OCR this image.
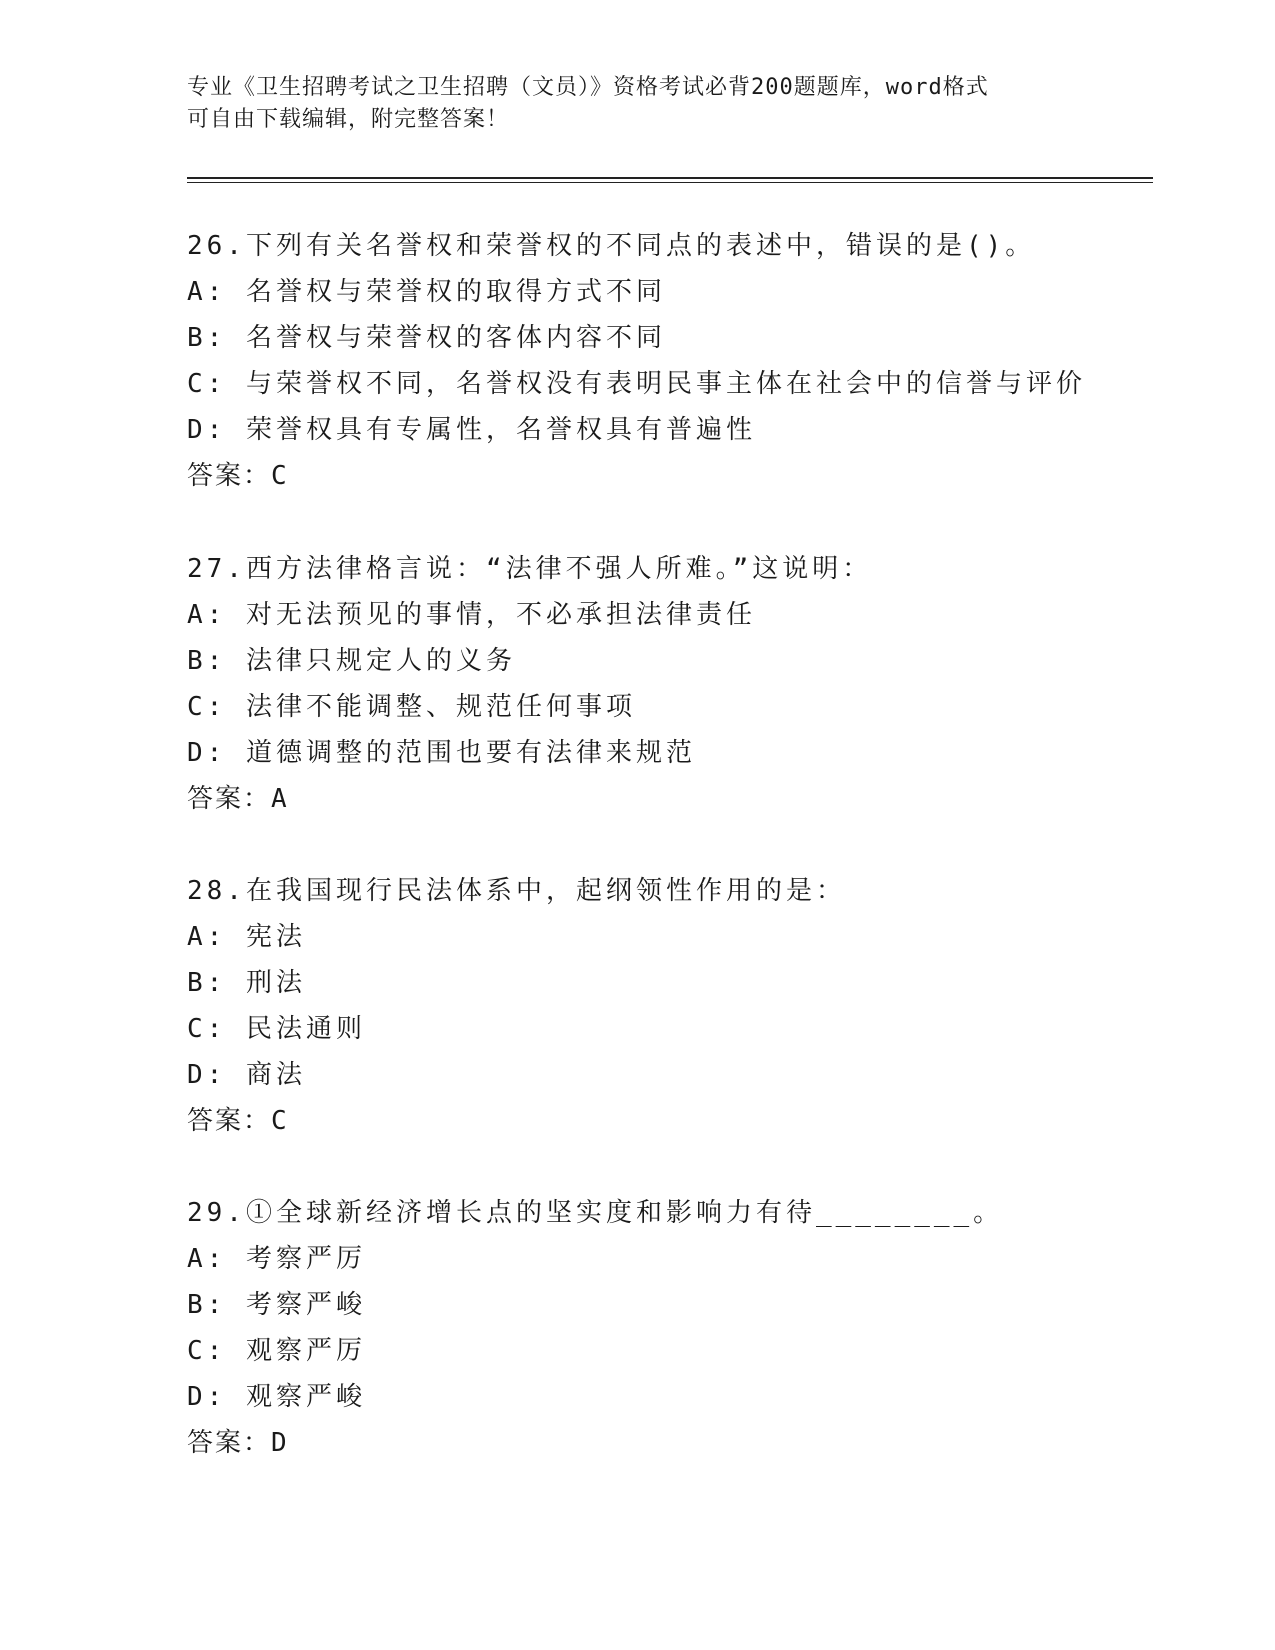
专业《卫生招聘考试之卫生招聘（文员）》资格考试必背200题题库，word格式
可自由下载编辑，附完整答案！
26.下列有关名誉权和荣誉权的不同点的表述中，错误的是()。
A: 名誉权与荣誉权的取得方式不同
B: 名誉权与荣誉权的客体内容不同
C: 与荣誉权不同，名誉权没有表明民事主体在社会中的信誉与评价
D: 荣誉权具有专属性，名誉权具有普遍性
答案：C
27.西方法律格言说：“法律不强人所难。”这说明：
A: 对无法预见的事情，不必承担法律责任
B: 法律只规定人的义务
C: 法律不能调整、规范任何事项
D: 道德调整的范围也要有法律来规范
答案：A
28.在我国现行民法体系中，起纲领性作用的是：
A: 宪法
B: 刑法
C: 民法通则
D: 商法
答案：C
29.①全球新经济增长点的坚实度和影响力有待________。
A: 考察严厉
B: 考察严峻
C: 观察严厉
D: 观察严峻
答案：D
